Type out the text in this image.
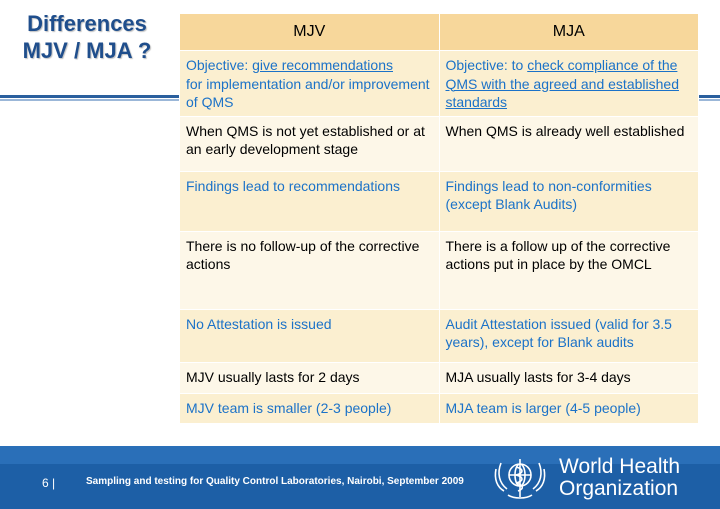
Differences
MJV / MJA ?
MJV	MJA
Objective: give recommendations
for implementation and/or improvement of QMS	Objective: to check compliance of the QMS with the agreed and established standards
When QMS is not yet established or at an early development stage	When QMS is already well established
Findings lead to recommendations	Findings lead to non-conformities (except Blank Audits)
There is no follow-up of the corrective actions	There is a follow up of the corrective actions put in place by the OMCL
No Attestation is issued	Audit Attestation issued (valid for 3.5 years), except for Blank audits
MJV usually lasts for 2 days	MJA usually lasts for 3-4 days
MJV team is smaller (2-3 people)	MJA team is larger (4-5 people)
6 |	Sampling and testing for Quality Control Laboratories, Nairobi, September 2009
World Health
Organization
